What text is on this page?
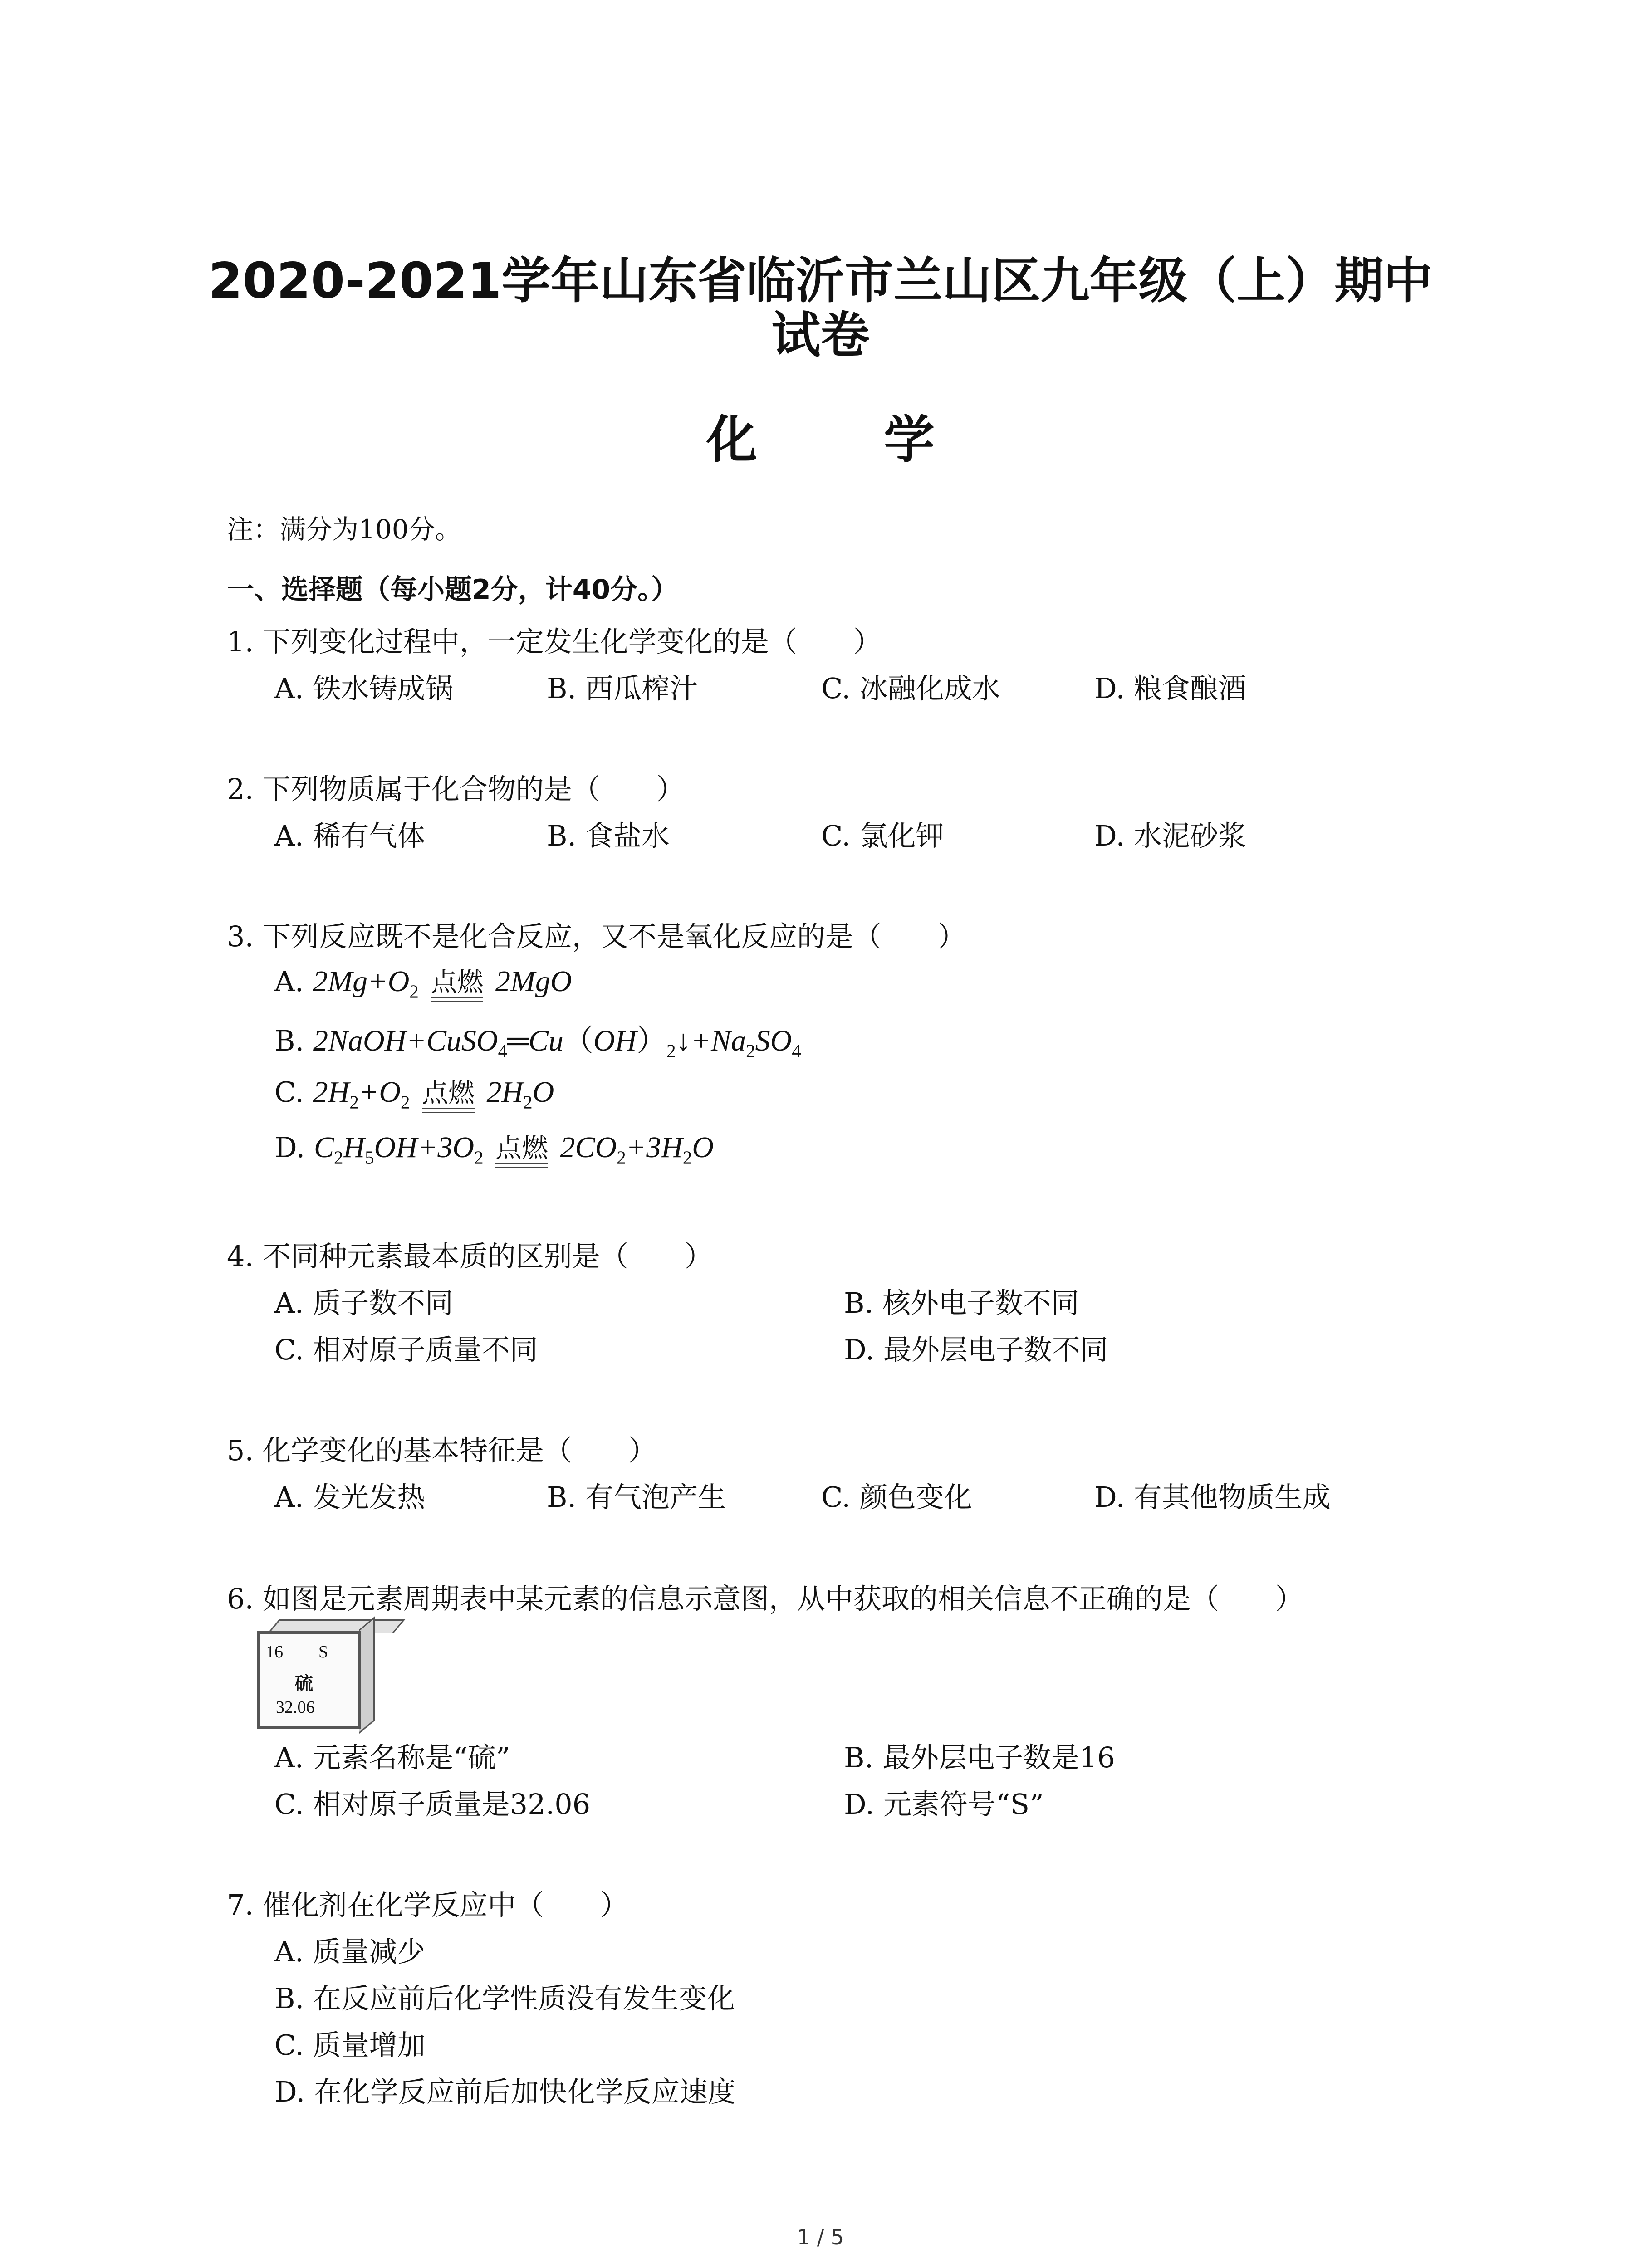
2020-2021学年山东省临沂市兰山区九年级（上）期中
试卷
化 学
注：满分为100分。
一、选择题（每小题2分，计40分。）
1. 下列变化过程中，一定发生化学变化的是（　　）
A. 铁水铸成锅	B. 西瓜榨汁	C. 冰融化成水	D. 粮食酿酒
2. 下列物质属于化合物的是（　　）
A. 稀有气体	B. 食盐水	C. 氯化钾	D. 水泥砂浆
3. 下列反应既不是化合反应，又不是氧化反应的是（　　）
A. $2Mg+O_2$ 点燃 2MgO
B. $2NaOH+CuSO_4═Cu(OH)_2↓+Na_2SO_4$
C. $2H_2+O_2$ 点燃 $2H_2O$
D. $C_2H_5OH+3O_2$ 点燃 $2CO_2+3H_2O$
4. 不同种元素最本质的区别是（　　）
A. 质子数不同	B. 核外电子数不同
C. 相对原子质量不同	D. 最外层电子数不同
5. 化学变化的基本特征是（　　）
A. 发光发热	B. 有气泡产生	C. 颜色变化	D. 有其他物质生成
6. 如图是元素周期表中某元素的信息示意图，从中获取的相关信息不正确的是（　　）
16 S
硫
32.06
A. 元素名称是“硫”	B. 最外层电子数是16
C. 相对原子质量是32.06	D. 元素符号“S”
7. 催化剂在化学反应中（　　）
A. 质量减少
B. 在反应前后化学性质没有发生变化
C. 质量增加
D. 在化学反应前后加快化学反应速度
1 / 5
